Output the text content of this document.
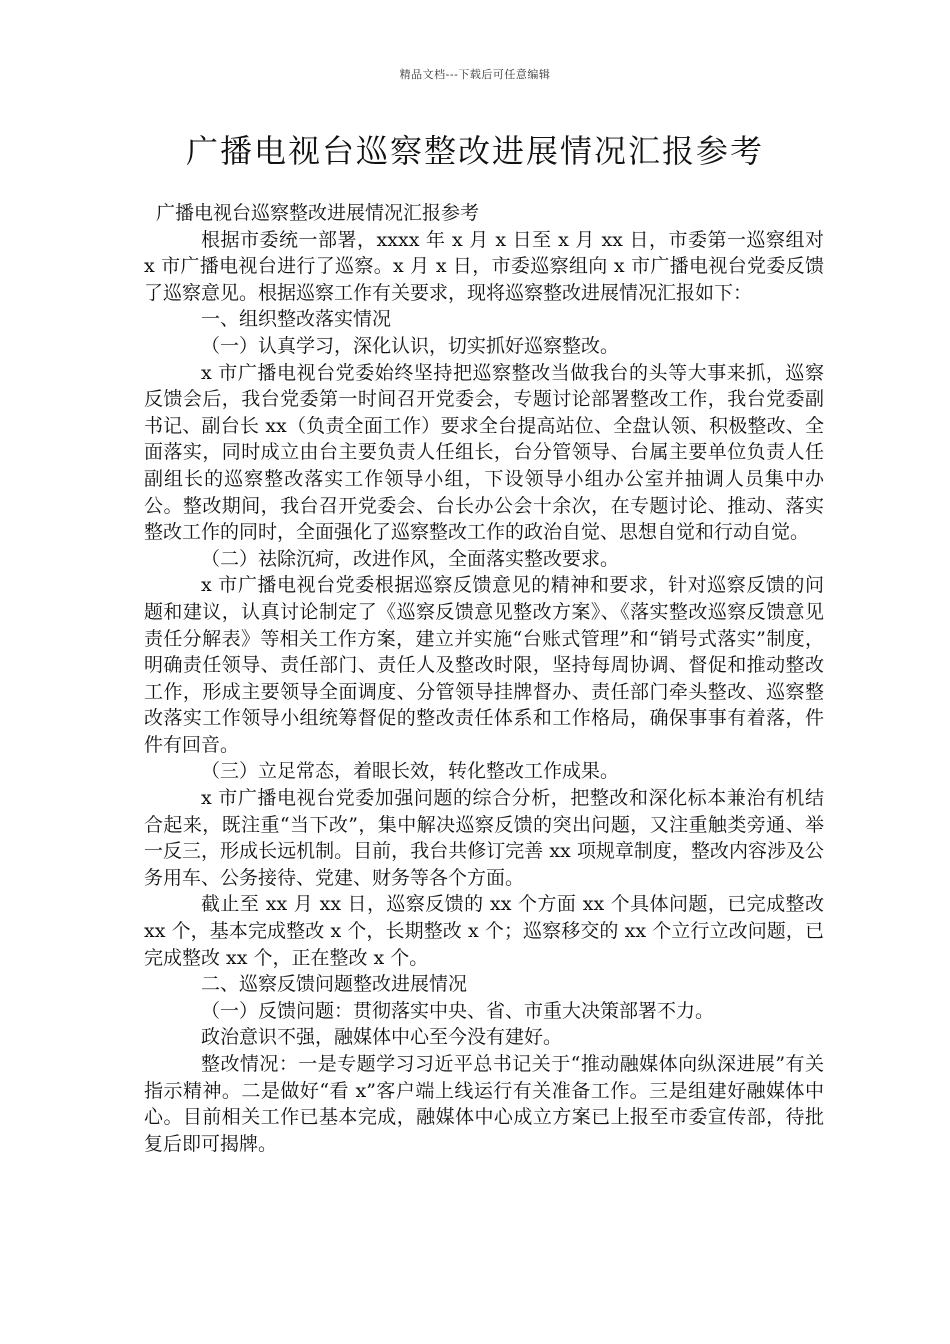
精品文档---下载后可任意编辑
广播电视台巡察整改进展情况汇报参考

广播电视台巡察整改进展情况汇报参考

根据市委统一部署，xxxx 年 x 月 x 日至 x 月 xx 日，市委第一巡察组对 x 市广播电视台进行了巡察。x 月 x 日，市委巡察组向 x 市广播电视台党委反馈了巡察意见。根据巡察工作有关要求，现将巡察整改进展情况汇报如下：

一、组织整改落实情况

（一）认真学习，深化认识，切实抓好巡察整改。

x 市广播电视台党委始终坚持把巡察整改当做我台的头等大事来抓，巡察反馈会后，我台党委第一时间召开党委会，专题讨论部署整改工作，我台党委副书记、副台长 xx（负责全面工作）要求全台提高站位、全盘认领、积极整改、全面落实，同时成立由台主要负责人任组长，台分管领导、台属主要单位负责人任副组长的巡察整改落实工作领导小组，下设领导小组办公室并抽调人员集中办公。整改期间，我台召开党委会、台长办公会十余次，在专题讨论、推动、落实整改工作的同时，全面强化了巡察整改工作的政治自觉、思想自觉和行动自觉。

（二）祛除沉疴，改进作风，全面落实整改要求。

x 市广播电视台党委根据巡察反馈意见的精神和要求，针对巡察反馈的问题和建议，认真讨论制定了《巡察反馈意见整改方案》、《落实整改巡察反馈意见责任分解表》等相关工作方案，建立并实施“台账式管理”和“销号式落实”制度，明确责任领导、责任部门、责任人及整改时限，坚持每周协调、督促和推动整改工作，形成主要领导全面调度、分管领导挂牌督办、责任部门牵头整改、巡察整改落实工作领导小组统筹督促的整改责任体系和工作格局，确保事事有着落，件件有回音。

（三）立足常态，着眼长效，转化整改工作成果。

x 市广播电视台党委加强问题的综合分析，把整改和深化标本兼治有机结合起来，既注重“当下改”，集中解决巡察反馈的突出问题，又注重触类旁通、举一反三，形成长远机制。目前，我台共修订完善 xx 项规章制度，整改内容涉及公务用车、公务接待、党建、财务等各个方面。

截止至 xx 月 xx 日，巡察反馈的 xx 个方面 xx 个具体问题，已完成整改 xx 个，基本完成整改 x 个，长期整改 x 个；巡察移交的 xx 个立行立改问题，已完成整改 xx 个，正在整改 x 个。

二、巡察反馈问题整改进展情况

（一）反馈问题：贯彻落实中央、省、市重大决策部署不力。

政治意识不强，融媒体中心至今没有建好。

整改情况：一是专题学习习近平总书记关于“推动融媒体向纵深进展”有关指示精神。二是做好“看 x”客户端上线运行有关准备工作。三是组建好融媒体中心。目前相关工作已基本完成，融媒体中心成立方案已上报至市委宣传部，待批复后即可揭牌。
